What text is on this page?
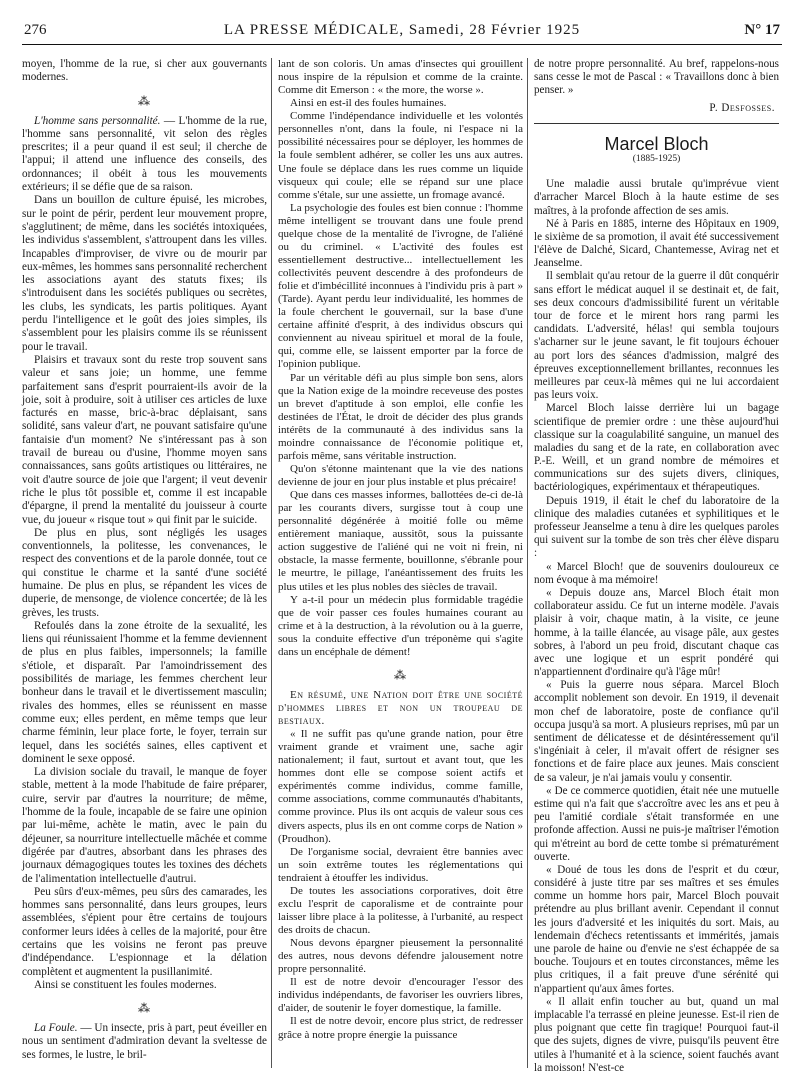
276	LA PRESSE MÉDICALE, Samedi, 28 Février 1925	N° 17

moyen, l'homme de la rue, si cher aux gouvernants modernes.

⁂

L'homme sans personnalité. — L'homme de la rue, l'homme sans personnalité, vit selon des règles prescrites; il a peur quand il est seul; il cherche de l'appui; il attend une influence des conseils, des ordonnances; il obéit à tous les mouvements extérieurs; il se défie que de sa raison.

Dans un bouillon de culture épuisé, les microbes, sur le point de périr, perdent leur mouvement propre, s'agglutinent; de même, dans les sociétés intoxiquées, les individus s'assemblent, s'attroupent dans les villes. Incapables d'improviser, de vivre ou de mourir par eux-mêmes, les hommes sans personnalité recherchent les associations ayant des statuts fixes; ils s'introduisent dans les sociétés publiques ou secrètes, les clubs, les syndicats, les partis politiques. Ayant perdu l'intelligence et le goût des joies simples, ils s'assemblent pour les plaisirs comme ils se réunissent pour le travail.

Plaisirs et travaux sont du reste trop souvent sans valeur et sans joie; un homme, une femme parfaitement sans d'esprit pourraient-ils avoir de la joie, soit à produire, soit à utiliser ces articles de luxe facturés en masse, bric-à-brac déplaisant, sans solidité, sans valeur d'art, ne pouvant satisfaire qu'une fantaisie d'un moment? Ne s'intéressant pas à son travail de bureau ou d'usine, l'homme moyen sans connaissances, sans goûts artistiques ou littéraires, ne voit d'autre source de joie que l'argent; il veut devenir riche le plus tôt possible et, comme il est incapable d'épargne, il prend la mentalité du jouisseur à courte vue, du joueur « risque tout » qui finit par le suicide.

De plus en plus, sont négligés les usages conventionnels, la politesse, les convenances, le respect des conventions et de la parole donnée, tout ce qui constitue le charme et la santé d'une société humaine. De plus en plus, se répandent les vices de duperie, de mensonge, de violence concertée; de là les grèves, les trusts.

Refoulés dans la zone étroite de la sexualité, les liens qui réunissaient l'homme et la femme deviennent de plus en plus faibles, impersonnels; la famille s'étiole, et disparaît. Par l'amoindrissement des possibilités de mariage, les femmes cherchent leur bonheur dans le travail et le divertissement masculin; rivales des hommes, elles se réunissent en masse comme eux; elles perdent, en même temps que leur charme féminin, leur place forte, le foyer, terrain sur lequel, dans les sociétés saines, elles captivent et dominent le sexe opposé.

La division sociale du travail, le manque de foyer stable, mettent à la mode l'habitude de faire préparer, cuire, servir par d'autres la nourriture; de même, l'homme de la foule, incapable de se faire une opinion par lui-même, achète le matin, avec le pain du déjeuner, sa nourriture intellectuelle mâchée et comme digérée par d'autres, absorbant dans les phrases des journaux démagogiques toutes les toxines des déchets de l'alimentation intellectuelle d'autrui.

Peu sûrs d'eux-mêmes, peu sûrs des camarades, les hommes sans personnalité, dans leurs groupes, leurs assemblées, s'épient pour être certains de toujours conformer leurs idées à celles de la majorité, pour être certains que les voisins ne feront pas preuve d'indépendance. L'espionnage et la délation complètent et augmentent la pusillanimité.

Ainsi se constituent les foules modernes.

⁂

La Foule. — Un insecte, pris à part, peut éveiller en nous un sentiment d'admiration devant la sveltesse de ses formes, le lustre, le bril-

lant de son coloris. Un amas d'insectes qui grouillent nous inspire de la répulsion et comme de la crainte. Comme dit Emerson : « the more, the worse ».

Ainsi en est-il des foules humaines.

Comme l'indépendance individuelle et les volontés personnelles n'ont, dans la foule, ni l'espace ni la possibilité nécessaires pour se déployer, les hommes de la foule semblent adhérer, se coller les uns aux autres. Une foule se déplace dans les rues comme un liquide visqueux qui coule; elle se répand sur une place comme s'étale, sur une assiette, un fromage avancé.

La psychologie des foules est bien connue : l'homme même intelligent se trouvant dans une foule prend quelque chose de la mentalité de l'ivrogne, de l'aliéné ou du criminel. « L'activité des foules est essentiellement destructive... intellectuellement les collectivités peuvent descendre à des profondeurs de folie et d'imbécillité inconnues à l'individu pris à part » (Tarde). Ayant perdu leur individualité, les hommes de la foule cherchent le gouvernail, sur la base d'une certaine affinité d'esprit, à des individus obscurs qui conviennent au niveau spirituel et moral de la foule, qui, comme elle, se laissent emporter par la force de l'opinion publique.

Par un véritable défi au plus simple bon sens, alors que la Nation exige de la moindre receveuse des postes un brevet d'aptitude à son emploi, elle confie les destinées de l'État, le droit de décider des plus grands intérêts de la communauté à des individus sans la moindre connaissance de l'économie politique et, parfois même, sans véritable instruction.

Qu'on s'étonne maintenant que la vie des nations devienne de jour en jour plus instable et plus précaire!

Que dans ces masses informes, ballottées de-ci de-là par les courants divers, surgisse tout à coup une personnalité dégénérée à moitié folle ou même entièrement maniaque, aussitôt, sous la puissante action suggestive de l'aliéné qui ne voit ni frein, ni obstacle, la masse fermente, bouillonne, s'ébranle pour le meurtre, le pillage, l'anéantissement des fruits les plus utiles et les plus nobles des siècles de travail.

Y a-t-il pour un médecin plus formidable tragédie que de voir passer ces foules humaines courant au crime et à la destruction, à la révolution ou à la guerre, sous la conduite effective d'un tréponème qui s'agite dans un encéphale de dément!

⁂

En résumé, une Nation doit être une société d'hommes libres et non un troupeau de bestiaux.

« Il ne suffit pas qu'une grande nation, pour être vraiment grande et vraiment une, sache agir nationalement; il faut, surtout et avant tout, que les hommes dont elle se compose soient actifs et expérimentés comme individus, comme famille, comme associations, comme communautés d'habitants, comme province. Plus ils ont acquis de valeur sous ces divers aspects, plus ils en ont comme corps de Nation » (Proudhon).

De l'organisme social, devraient être bannies avec un soin extrême toutes les réglementations qui tendraient à étouffer les individus.

De toutes les associations corporatives, doit être exclu l'esprit de caporalisme et de contrainte pour laisser libre place à la politesse, à l'urbanité, au respect des droits de chacun.

Nous devons épargner pieusement la personnalité des autres, nous devons défendre jalousement notre propre personnalité.

Il est de notre devoir d'encourager l'essor des individus indépendants, de favoriser les ouvriers libres, d'aider, de soutenir le foyer domestique, la famille.

Il est de notre devoir, encore plus strict, de redresser grâce à notre propre énergie la puissance

de notre propre personnalité. Au bref, rappelons-nous sans cesse le mot de Pascal : « Travaillons donc à bien penser. »

P. Desfosses.
Marcel Bloch
(1885-1925)

Une maladie aussi brutale qu'imprévue vient d'arracher Marcel Bloch à la haute estime de ses maîtres, à la profonde affection de ses amis.

Né à Paris en 1885, interne des Hôpitaux en 1909, le sixième de sa promotion, il avait été successivement l'élève de Dalché, Sicard, Chantemesse, Avirag net et Jeanselme.

Il semblait qu'au retour de la guerre il dût conquérir sans effort le médicat auquel il se destinait et, de fait, ses deux concours d'admissibilité furent un véritable tour de force et le mirent hors rang parmi les candidats. L'adversité, hélas! qui sembla toujours s'acharner sur le jeune savant, le fit toujours échouer au port lors des séances d'admission, malgré des épreuves exceptionnellement brillantes, reconnues les meilleures par ceux-là mêmes qui ne lui accordaient pas leurs voix.

Marcel Bloch laisse derrière lui un bagage scientifique de premier ordre : une thèse aujourd'hui classique sur la coagulabilité sanguine, un manuel des maladies du sang et de la rate, en collaboration avec P.-E. Weill, et un grand nombre de mémoires et communications sur des sujets divers, cliniques, bactériologiques, expérimentaux et thérapeutiques.

Depuis 1919, il était le chef du laboratoire de la clinique des maladies cutanées et syphilitiques et le professeur Jeanselme a tenu à dire les quelques paroles qui suivent sur la tombe de son très cher élève disparu :

« Marcel Bloch! que de souvenirs douloureux ce nom évoque à ma mémoire!

« Depuis douze ans, Marcel Bloch était mon collaborateur assidu. Ce fut un interne modèle. J'avais plaisir à voir, chaque matin, à la visite, ce jeune homme, à la taille élancée, au visage pâle, aux gestes sobres, à l'abord un peu froid, discutant chaque cas avec une logique et un esprit pondéré qui n'appartiennent d'ordinaire qu'à l'âge mûr!

« Puis la guerre nous sépara. Marcel Bloch accomplit noblement son devoir. En 1919, il devenait mon chef de laboratoire, poste de confiance qu'il occupa jusqu'à sa mort. A plusieurs reprises, mû par un sentiment de délicatesse et de désintéressement qu'il s'ingéniait à celer, il m'avait offert de résigner ses fonctions et de faire place aux jeunes. Mais conscient de sa valeur, je n'ai jamais voulu y consentir.

« De ce commerce quotidien, était née une mutuelle estime qui n'a fait que s'accroître avec les ans et peu à peu l'amitié cordiale s'était transformée en une profonde affection. Aussi ne puis-je maîtriser l'émotion qui m'étreint au bord de cette tombe si prématurément ouverte.

« Doué de tous les dons de l'esprit et du cœur, considéré à juste titre par ses maîtres et ses émules comme un homme hors pair, Marcel Bloch pouvait prétendre au plus brillant avenir. Cependant il connut les jours d'adversité et les iniquités du sort. Mais, au lendemain d'échecs retentissants et immérités, jamais une parole de haine ou d'envie ne s'est échappée de sa bouche. Toujours et en toutes circonstances, même les plus critiques, il a fait preuve d'une sérénité qui n'appartient qu'aux âmes fortes.

« Il allait enfin toucher au but, quand un mal implacable l'a terrassé en pleine jeunesse. Est-il rien de plus poignant que cette fin tragique! Pourquoi faut-il que des sujets, dignes de vivre, puisqu'ils peuvent être utiles à l'humanité et à la science, soient fauchés avant la moisson! N'est-ce
